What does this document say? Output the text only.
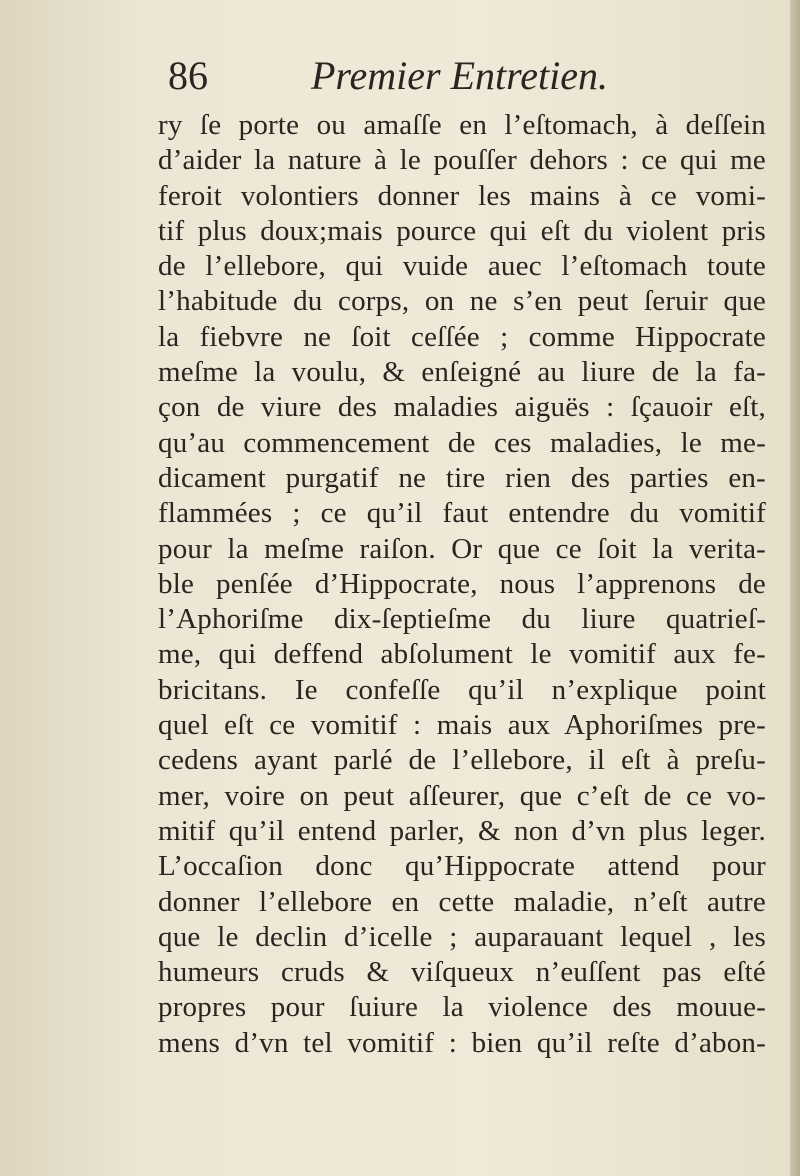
86	Premier Entretien.
ry ſe porte ou amaſſe en l’eſtomach, à deſſein
d’aider la nature à le pouſſer dehors : ce qui me
feroit volontiers donner les mains à ce vomi-
tif plus doux;mais pource qui eſt du violent pris
de l’ellebore, qui vuide auec l’eſtomach toute
l’habitude du corps, on ne s’en peut ſeruir que
la fiebvre ne ſoit ceſſée ; comme Hippocrate
meſme la voulu, & enſeigné au liure de la fa-
çon de viure des maladies aiguës : ſçauoir eſt,
qu’au commencement de ces maladies, le me-
dicament purgatif ne tire rien des parties en-
flammées ; ce qu’il faut entendre du vomitif
pour la meſme raiſon. Or que ce ſoit la verita-
ble penſée d’Hippocrate, nous l’apprenons de
l’Aphoriſme dix-ſeptieſme du liure quatrieſ-
me, qui deffend abſolument le vomitif aux fe-
bricitans. Ie confeſſe qu’il n’explique point
quel eſt ce vomitif : mais aux Aphoriſmes pre-
cedens ayant parlé de l’ellebore, il eſt à preſu-
mer, voire on peut aſſeurer, que c’eſt de ce vo-
mitif qu’il entend parler, & non d’vn plus leger.
L’occaſion donc qu’Hippocrate attend pour
donner l’ellebore en cette maladie, n’eſt autre
que le declin d’icelle ; auparauant lequel , les
humeurs cruds & viſqueux n’euſſent pas eſté
propres pour ſuiure la violence des mouue-
mens d’vn tel vomitif : bien qu’il reſte d’abon-
